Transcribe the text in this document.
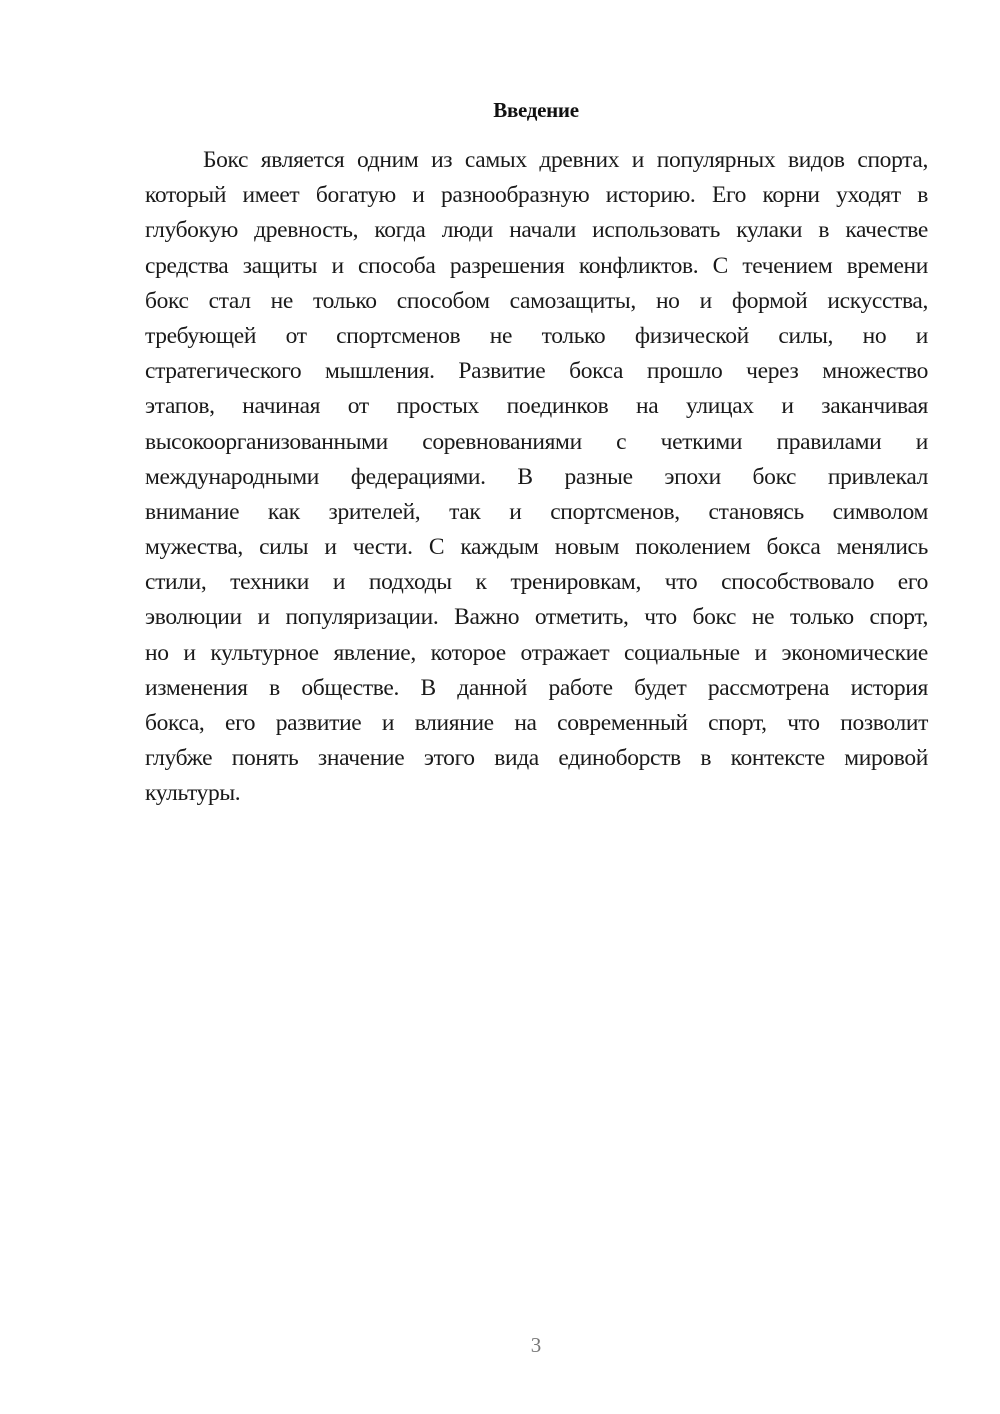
Введение
Бокс является одним из самых древних и популярных видов спорта,
который имеет богатую и разнообразную историю. Его корни уходят в
глубокую древность, когда люди начали использовать кулаки в качестве
средства защиты и способа разрешения конфликтов. С течением времени
бокс стал не только способом самозащиты, но и формой искусства,
требующей от спортсменов не только физической силы, но и
стратегического мышления. Развитие бокса прошло через множество
этапов, начиная от простых поединков на улицах и заканчивая
высокоорганизованными соревнованиями с четкими правилами и
международными федерациями. В разные эпохи бокс привлекал
внимание как зрителей, так и спортсменов, становясь символом
мужества, силы и чести. С каждым новым поколением бокса менялись
стили, техники и подходы к тренировкам, что способствовало его
эволюции и популяризации. Важно отметить, что бокс не только спорт,
но и культурное явление, которое отражает социальные и экономические
изменения в обществе. В данной работе будет рассмотрена история
бокса, его развитие и влияние на современный спорт, что позволит
глубже понять значение этого вида единоборств в контексте мировой
культуры.
3
